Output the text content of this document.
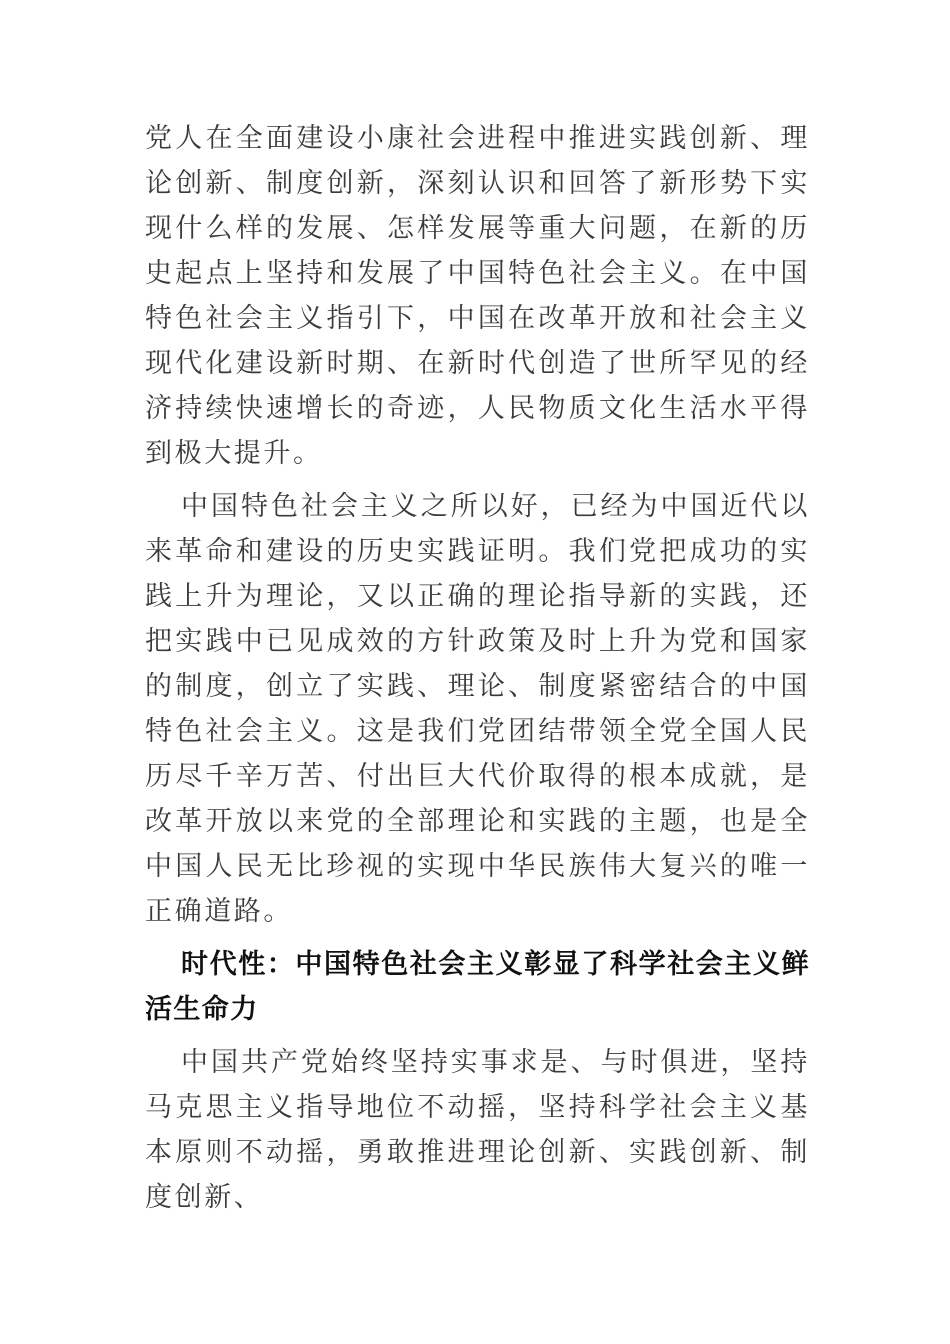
党人在全面建设小康社会进程中推进实践创新、理论创新、制度创新，深刻认识和回答了新形势下实现什么样的发展、怎样发展等重大问题，在新的历史起点上坚持和发展了中国特色社会主义。在中国特色社会主义指引下，中国在改革开放和社会主义现代化建设新时期、在新时代创造了世所罕见的经济持续快速增长的奇迹，人民物质文化生活水平得到极大提升。

中国特色社会主义之所以好，已经为中国近代以来革命和建设的历史实践证明。我们党把成功的实践上升为理论，又以正确的理论指导新的实践，还把实践中已见成效的方针政策及时上升为党和国家的制度，创立了实践、理论、制度紧密结合的中国特色社会主义。这是我们党团结带领全党全国人民历尽千辛万苦、付出巨大代价取得的根本成就，是改革开放以来党的全部理论和实践的主题，也是全中国人民无比珍视的实现中华民族伟大复兴的唯一正确道路。

时代性：中国特色社会主义彰显了科学社会主义鲜活生命力

中国共产党始终坚持实事求是、与时俱进，坚持马克思主义指导地位不动摇，坚持科学社会主义基本原则不动摇，勇敢推进理论创新、实践创新、制度创新、
